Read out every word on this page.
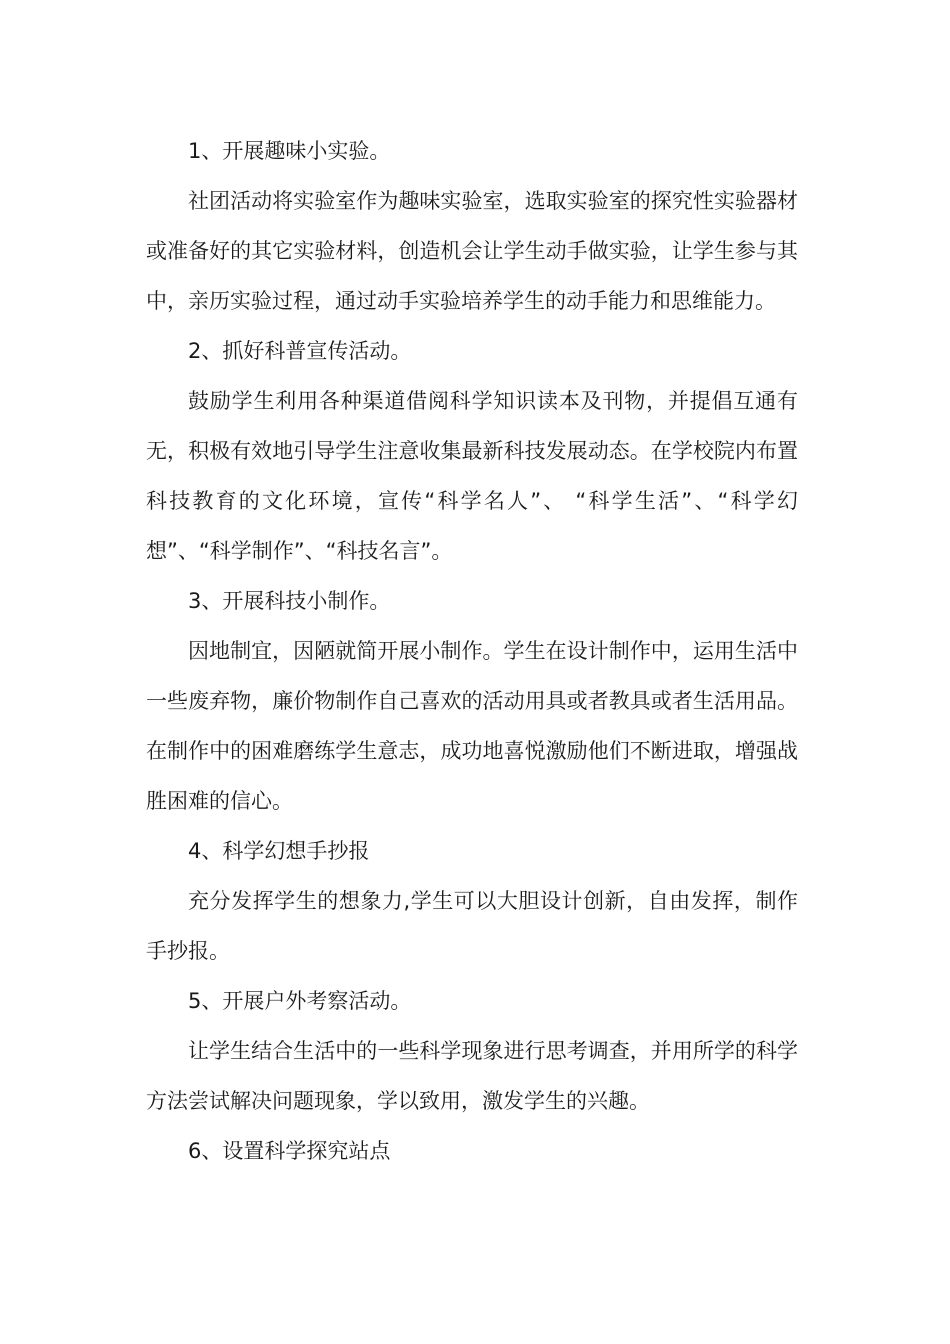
1、开展趣味小实验。

社团活动将实验室作为趣味实验室，选取实验室的探究性实验器材或准备好的其它实验材料，创造机会让学生动手做实验，让学生参与其中，亲历实验过程，通过动手实验培养学生的动手能力和思维能力。

2、抓好科普宣传活动。

鼓励学生利用各种渠道借阅科学知识读本及刊物，并提倡互通有无，积极有效地引导学生注意收集最新科技发展动态。在学校院内布置科技教育的文化环境，宣传“科学名人”、 “科学生活”、“科学幻想”、“科学制作”、“科技名言”。

3、开展科技小制作。

因地制宜，因陋就简开展小制作。学生在设计制作中，运用生活中一些废弃物，廉价物制作自己喜欢的活动用具或者教具或者生活用品。在制作中的困难磨练学生意志，成功地喜悦激励他们不断进取，增强战胜困难的信心。

4、科学幻想手抄报

充分发挥学生的想象力,学生可以大胆设计创新，自由发挥，制作手抄报。

5、开展户外考察活动。

让学生结合生活中的一些科学现象进行思考调查，并用所学的科学方法尝试解决问题现象，学以致用，激发学生的兴趣。

6、设置科学探究站点
